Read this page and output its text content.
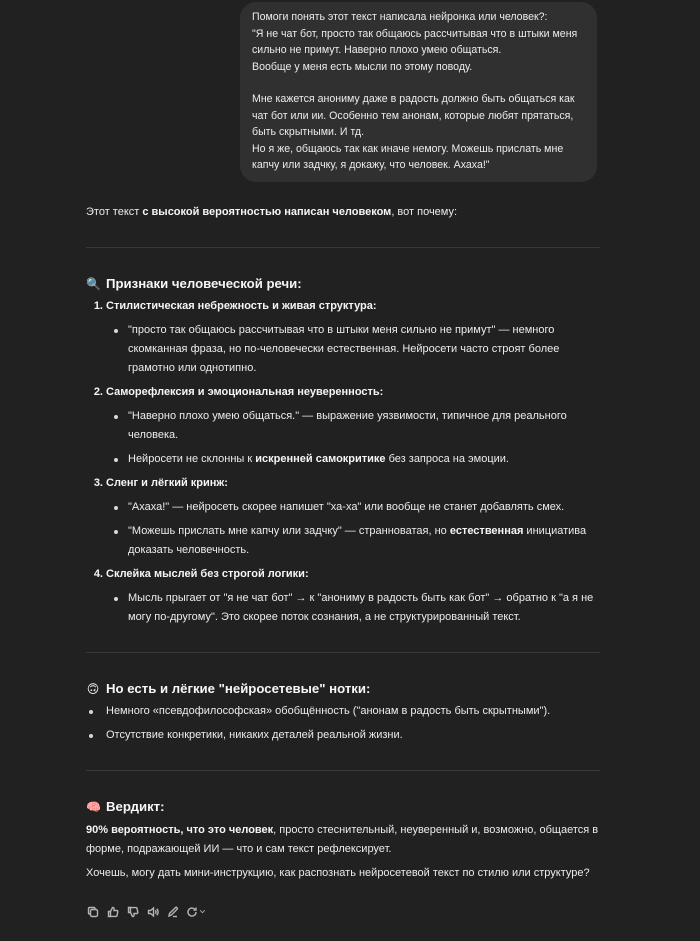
Помоги понять этот текст написала нейронка или человек?:

"Я не чат бот, просто так общаюсь рассчитывая что в штыки меня

сильно не примут. Наверно плохо умею общаться.

Вообще у меня есть мысли по этому поводу.

Мне кажется анониму даже в радость должно быть общаться как

чат бот или ии. Особенно тем анонам, которые любят прятаться,

быть скрытными. И тд.

Но я же, общаюсь так как иначе немогу. Можешь прислать мне

капчу или задчку, я докажу, что человек. Ахаха!"

Этот текст с высокой вероятностью написан человеком, вот почему:

🔍 Признаки человеческой речи:
1. Стилистическая небрежность и живая структура:
"просто так общаюсь рассчитывая что в штыки меня сильно не примут" — немного скомканная фраза, но по-человечески естественная. Нейросети часто строят более грамотно или однотипно.
2. Саморефлексия и эмоциональная неуверенность:
"Наверно плохо умею общаться." — выражение уязвимости, типичное для реального человека.
Нейросети не склонны к искренней самокритике без запроса на эмоции.
3. Сленг и лёгкий кринж:
"Ахаха!" — нейросеть скорее напишет "ха-ха" или вообще не станет добавлять смех.
"Можешь прислать мне капчу или задчку" — странноватая, но естественная инициатива доказать человечность.
4. Склейка мыслей без строгой логики:
Мысль прыгает от "я не чат бот" → к "анониму в радость быть как бот" → обратно к "а я не могу по-другому". Это скорее поток сознания, а не структурированный текст.
🙃 Но есть и лёгкие "нейросетевые" нотки:
Немного «псевдофилософская» обобщённость ("анонам в радость быть скрытными").
Отсутствие конкретики, никаких деталей реальной жизни.
🧠 Вердикт:

90% вероятность, что это человек, просто стеснительный, неуверенный и, возможно, общается в форме, подражающей ИИ — что и сам текст рефлексирует.

Хочешь, могу дать мини-инструкцию, как распознать нейросетевой текст по стилю или структуре?
